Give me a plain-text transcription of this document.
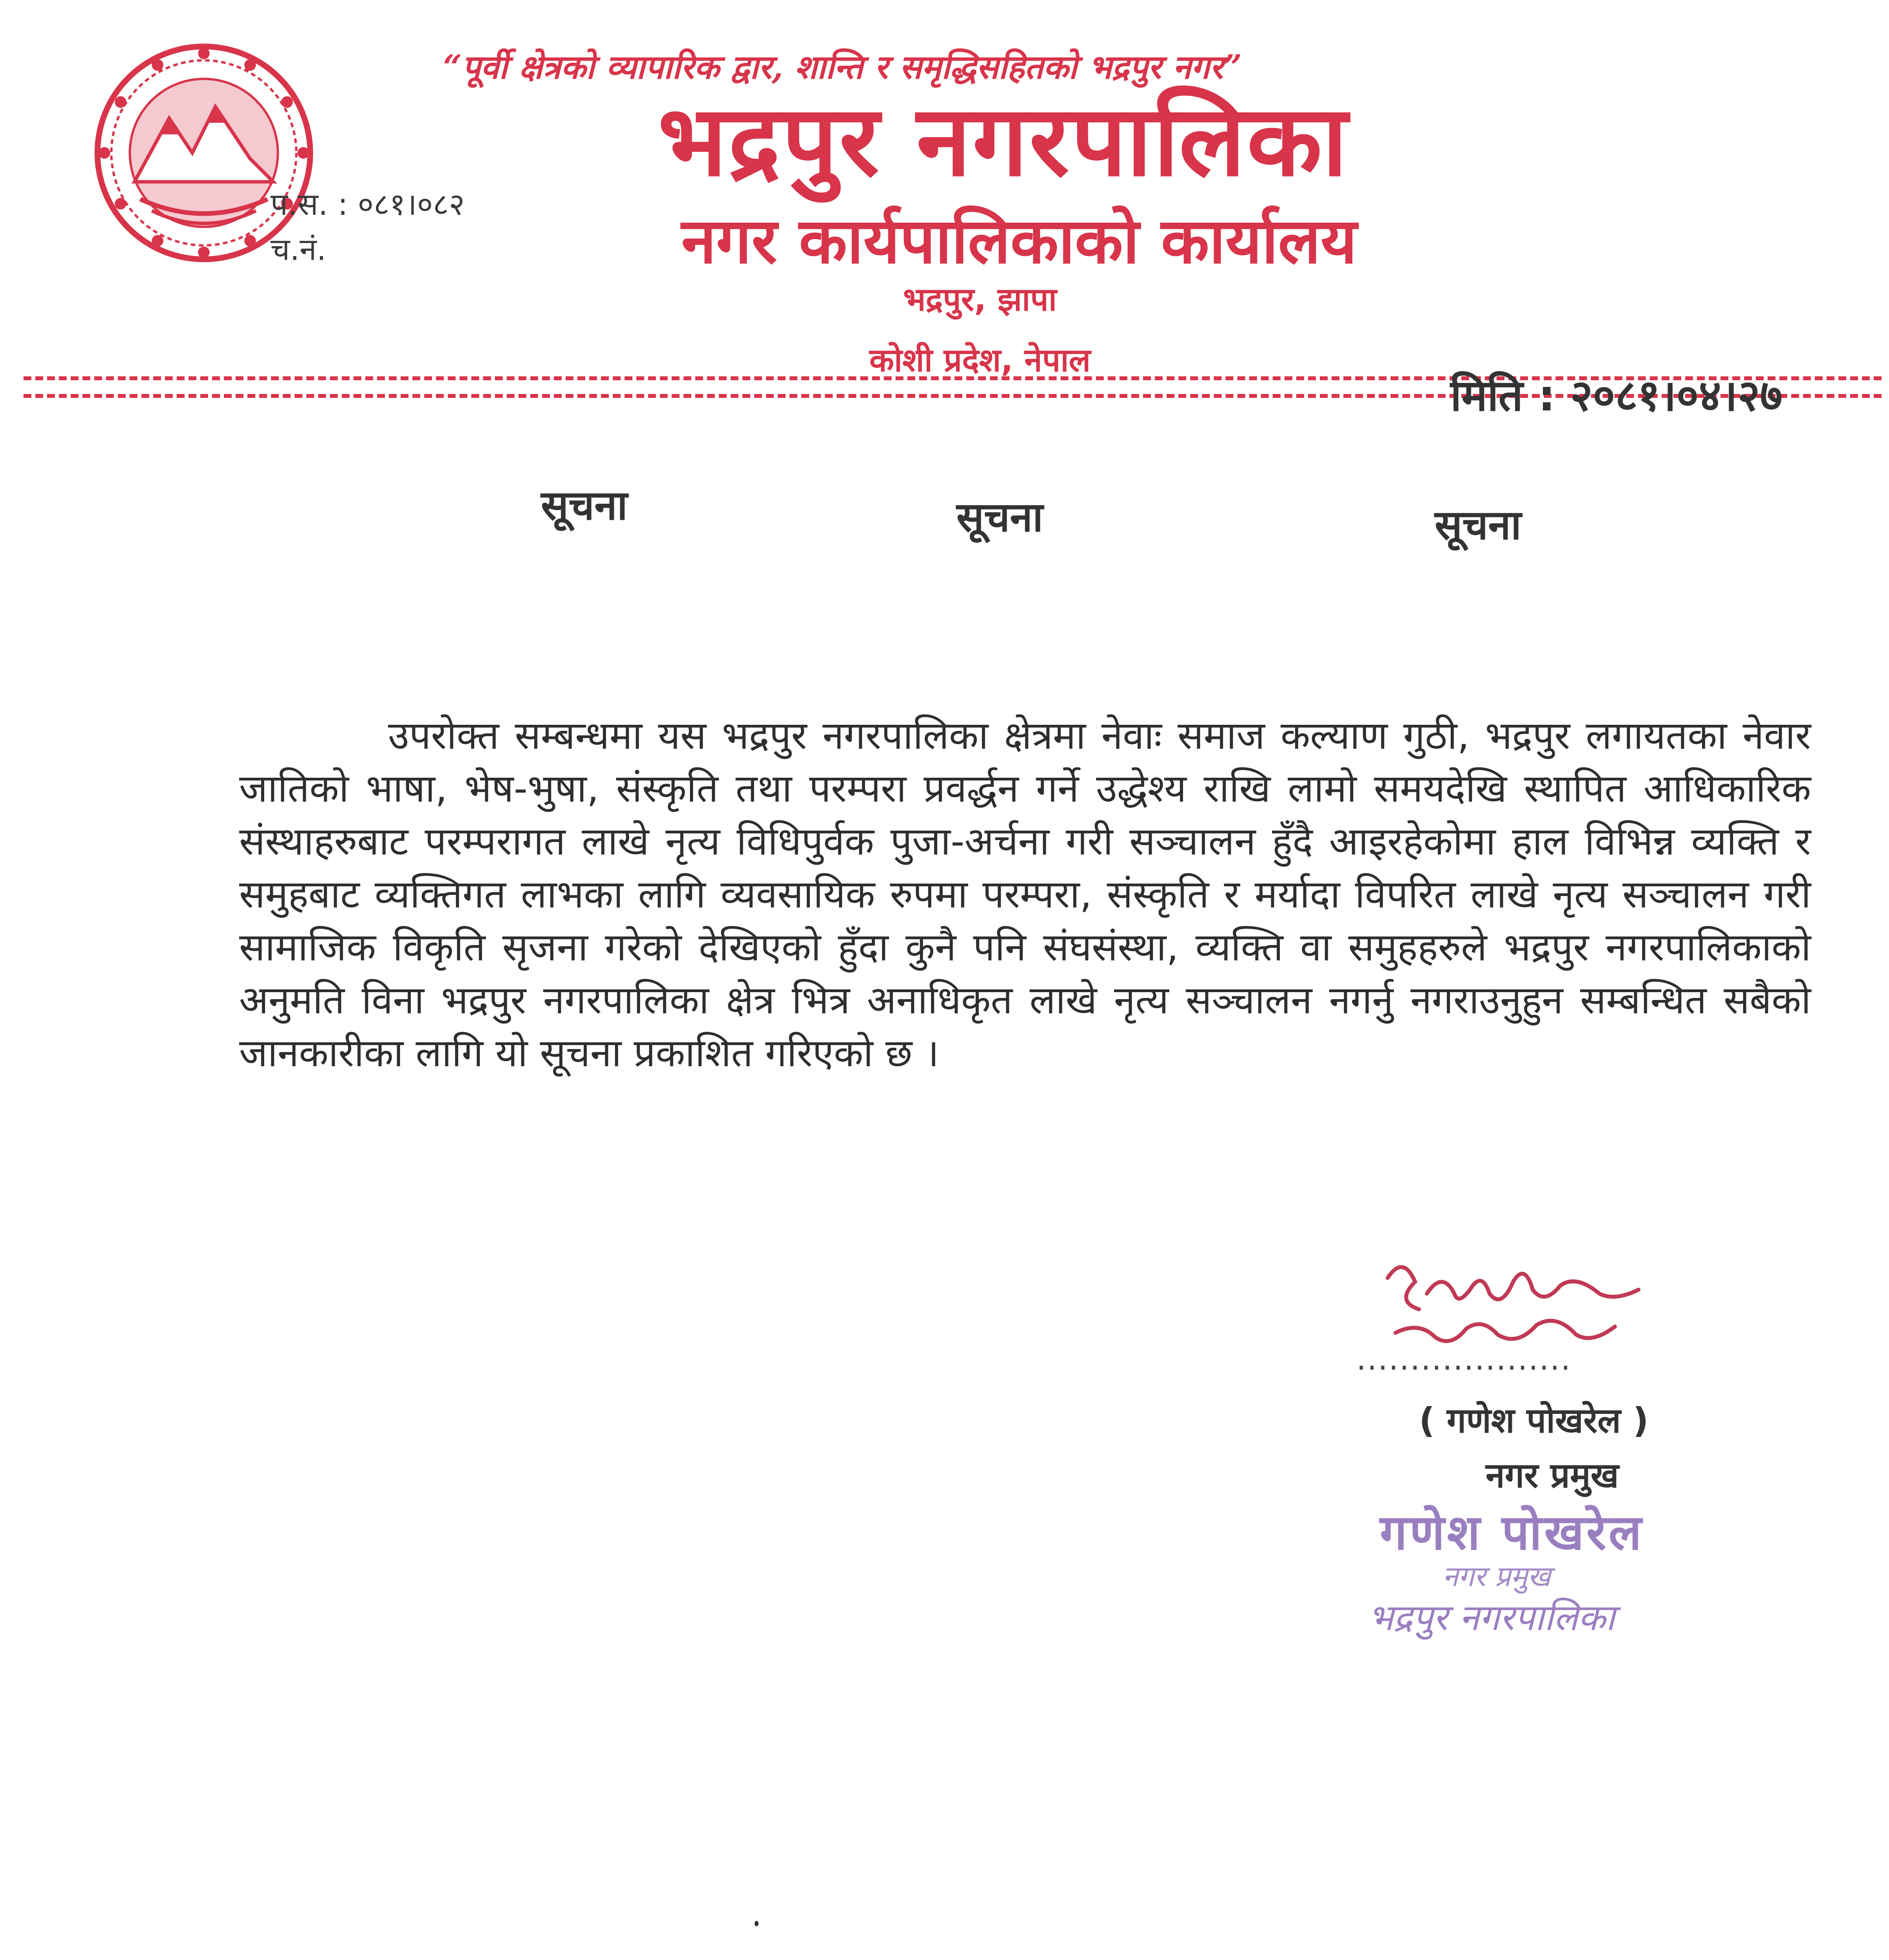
“पूर्वी क्षेत्रको व्यापारिक द्वार, शान्ति र समृद्धिसहितको भद्रपुर नगर”
भद्रपुर नगरपालिका
नगर कार्यपालिकाको कार्यालय
भद्रपुर, झापा
कोशी प्रदेश, नेपाल
प.स. : ०८१।०८२
च.नं.
मिति : २०८१।०४।२७
सूचना	सूचना	सूचना
उपरोक्त सम्बन्धमा यस भद्रपुर नगरपालिका क्षेत्रमा नेवाः समाज कल्याण गुठी, भद्रपुर लगायतका नेवार जातिको भाषा, भेष-भुषा, संस्कृति तथा परम्परा प्रवर्द्धन गर्ने उद्धेश्य राखि लामो समयदेखि स्थापित आधिकारिक संस्थाहरुबाट परम्परागत लाखे नृत्य विधिपुर्वक पुजा-अर्चना गरी सञ्चालन हुँदै आइरहेकोमा हाल विभिन्न व्यक्ति र समुहबाट व्यक्तिगत लाभका लागि व्यवसायिक रुपमा परम्परा, संस्कृति र मर्यादा विपरित लाखे नृत्य सञ्चालन गरी सामाजिक विकृति सृजना गरेको देखिएको हुँदा कुनै पनि संघसंस्था, व्यक्ति वा समुहहरुले भद्रपुर नगरपालिकाको अनुमति विना भद्रपुर नगरपालिका क्षेत्र भित्र अनाधिकृत लाखे नृत्य सञ्चालन नगर्नु नगराउनुहुन सम्बन्धित सबैको जानकारीका लागि यो सूचना प्रकाशित गरिएको छ ।
....................
( गणेश पोखरेल )
नगर प्रमुख
गणेश पोखरेल
नगर प्रमुख
भद्रपुर नगरपालिका
